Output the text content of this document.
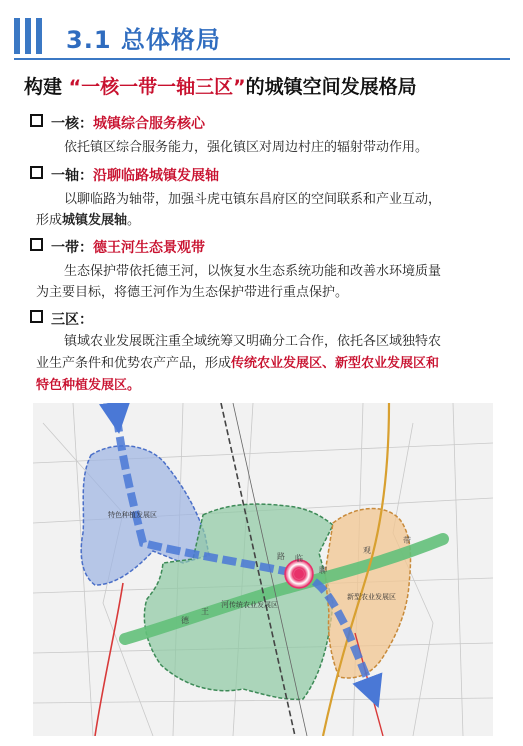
3.1 总体格局
构建 “一核一带一轴三区”的城镇空间发展格局
一核：城镇综合服务核心
依托镇区综合服务能力，强化镇区对周边村庄的辐射带动作用。
一轴：沿聊临路城镇发展轴
以聊临路为轴带，加强斗虎屯镇东昌府区的空间联系和产业互动，
形成城镇发展轴。
一带：德王河生态景观带
生态保护带依托德王河，以恢复水生态系统功能和改善水环境质量
为主要目标，将德王河作为生态保护带进行重点保护。
三区：
镇域农业发展既注重全域统筹又明确分工合作，依托各区域独特农
业生产条件和优势农产产品，形成传统农业发展区、新型农业发展区和
特色种植发展区。
特色种植发展区
传统农业发展区
新型农业发展区
德
王
河
聊
临
路
观
带
